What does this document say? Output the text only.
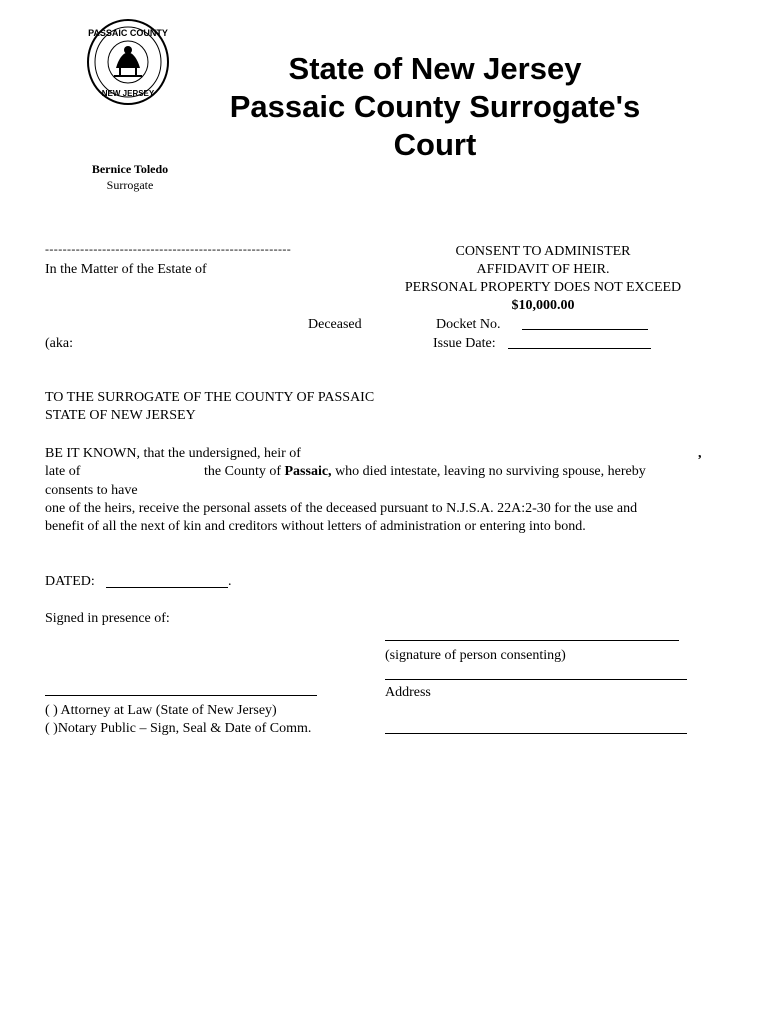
PASSAIC COUNTY
NEW JERSEY
State of New Jersey
Passaic County Surrogate's
Court
Bernice Toledo
Surrogate
--------------------------------------------------------
In the Matter of the Estate of
Deceased
(aka:
CONSENT TO ADMINISTER
AFFIDAVIT OF HEIR.
PERSONAL PROPERTY DOES NOT EXCEED
$10,000.00
Docket No.
Issue Date:
TO THE SURROGATE OF THE COUNTY OF PASSAIC
STATE OF NEW JERSEY
BE IT KNOWN, that the undersigned, heir of	,
late of	the County of Passaic, who died intestate, leaving no surviving spouse, hereby
consents to have
one of the heirs, receive the personal assets of the deceased pursuant to N.J.S.A. 22A:2-30 for the use and
benefit of all the next of kin and creditors without letters of administration or entering into bond.
DATED:	.
Signed in presence of:
(signature of person consenting)
Address
( ) Attorney at Law (State of New Jersey)
( )Notary Public – Sign, Seal & Date of Comm.
